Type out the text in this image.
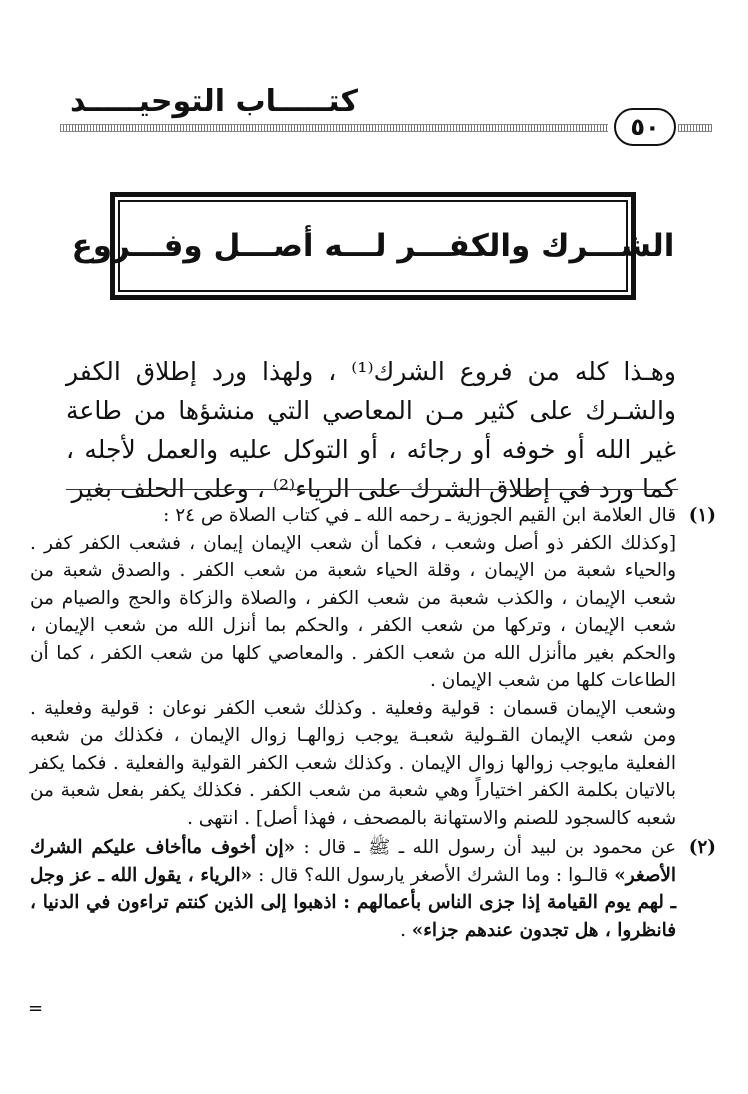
كتـــــاب التوحيـــــد
٥٠
الشـــرك والكفـــر لـــه أصـــل وفـــروع

وهـذا كله من فروع الشرك⁽¹⁾ ، ولهذا ورد إطلاق الكفر والشـرك على كثير مـن المعاصي التي منشؤها من طاعة غير الله أو خوفه أو رجائه ، أو التوكل عليه والعمل لأجله ، كما ورد في إطلاق الشرك على الرياء⁽²⁾ ، وعلى الحلف بغير

(١)

قال العلامة ابن القيم الجوزية ـ رحمه الله ـ في كتاب الصلاة ص ٢٤ :

[وكذلك الكفر ذو أصل وشعب ، فكما أن شعب الإيمان إيمان ، فشعب الكفر كفر . والحياء شعبة من الإيمان ، وقلة الحياء شعبة من شعب الكفر . والصدق شعبة من شعب الإيمان ، والكذب شعبة من شعب الكفر ، والصلاة والزكاة والحج والصيام من شعب الإيمان ، وتركها من شعب الكفر ، والحكم بما أنزل الله من شعب الإيمان ، والحكم بغير ماأنزل الله من شعب الكفر . والمعاصي كلها من شعب الكفر ، كما أن الطاعات كلها من شعب الإيمان .

وشعب الإيمان قسمان : قولية وفعلية . وكذلك شعب الكفر نوعان : قولية وفعلية . ومن شعب الإيمان القـولية شعبـة يوجب زوالهـا زوال الإيمان ، فكذلك من شعبه الفعلية مايوجب زوالها زوال الإيمان . وكذلك شعب الكفر القولية والفعلية . فكما يكفر بالاتيان بكلمة الكفر اختياراً وهي شعبة من شعب الكفر . فكذلك يكفر بفعل شعبة من شعبه كالسجود للصنم والاستهانة بالمصحف ، فهذا أصل] . انتهى .

(٢)

عن محمود بن لبيد أن رسول الله ـ ﷺ ـ قال : «إن أخوف ماأخاف عليكم الشرك الأصغر» قالـوا : وما الشرك الأصغر يارسول الله؟ قال : «الرياء ، يقول الله ـ عز وجل ـ لهم يوم القيامة إذا جزى الناس بأعمالهم : اذهبوا إلى الذين كنتم تراءون في الدنيا ، فانظروا ، هل تجدون عندهم جزاء» .

=
